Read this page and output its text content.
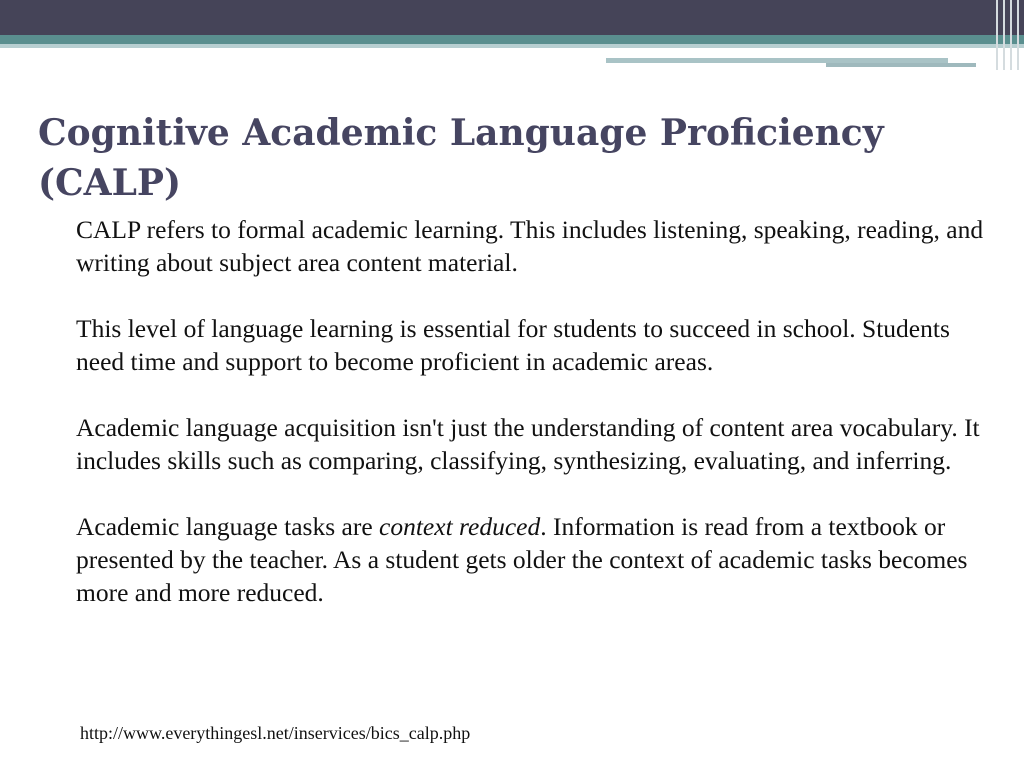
Cognitive Academic Language Proficiency (CALP)

CALP refers to formal academic learning. This includes listening, speaking, reading, and writing about subject area content material.

This level of language learning is essential for students to succeed in school. Students need time and support to become proficient in academic areas.

Academic language acquisition isn't just the understanding of content area vocabulary. It includes skills such as comparing, classifying, synthesizing, evaluating, and inferring.

Academic language tasks are context reduced. Information is read from a textbook or presented by the teacher. As a student gets older the context of academic tasks becomes more and more reduced.

http://www.everythingesl.net/inservices/bics_calp.php
